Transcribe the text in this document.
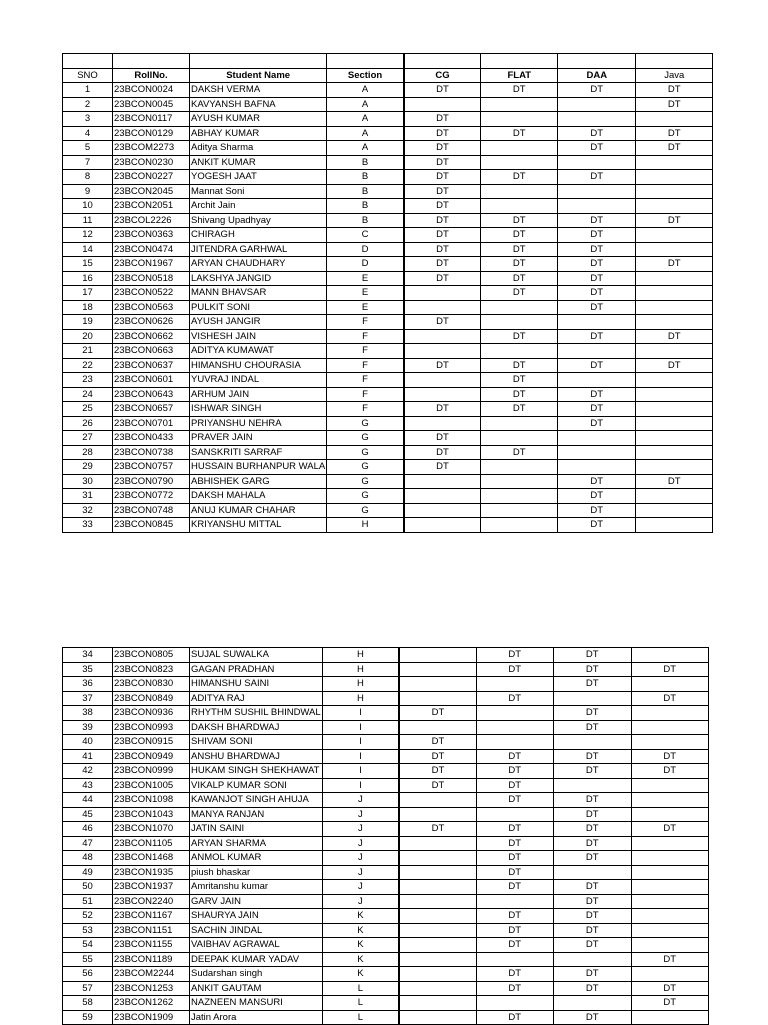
SNO	RollNo.	Student Name	Section	CG	FLAT	DAA	Java
1	23BCON0024	DAKSH VERMA	A	DT	DT	DT	DT
2	23BCON0045	KAVYANSH BAFNA	A				DT
3	23BCON0117	AYUSH KUMAR	A	DT			
4	23BCON0129	ABHAY KUMAR	A	DT	DT	DT	DT
5	23BCOM2273	Aditya Sharma	A	DT		DT	DT
7	23BCON0230	ANKIT KUMAR	B	DT			
8	23BCON0227	YOGESH JAAT	B	DT	DT	DT	
9	23BCON2045	Mannat Soni	B	DT			
10	23BCON2051	Archit Jain	B	DT			
11	23BCOL2226	Shivang Upadhyay	B	DT	DT	DT	DT
12	23BCON0363	CHIRAGH	C	DT	DT	DT	
14	23BCON0474	JITENDRA GARHWAL	D	DT	DT	DT	
15	23BCON1967	ARYAN CHAUDHARY	D	DT	DT	DT	DT
16	23BCON0518	LAKSHYA JANGID	E	DT	DT	DT	
17	23BCON0522	MANN BHAVSAR	E		DT	DT	
18	23BCON0563	PULKIT SONI	E			DT	
19	23BCON0626	AYUSH JANGIR	F	DT			
20	23BCON0662	VISHESH JAIN	F		DT	DT	DT
21	23BCON0663	ADITYA KUMAWAT	F				
22	23BCON0637	HIMANSHU CHOURASIA	F	DT	DT	DT	DT
23	23BCON0601	YUVRAJ INDAL	F		DT		
24	23BCON0643	ARHUM JAIN	F		DT	DT	
25	23BCON0657	ISHWAR SINGH	F	DT	DT	DT	
26	23BCON0701	PRIYANSHU NEHRA	G			DT	
27	23BCON0433	PRAVER JAIN	G	DT			
28	23BCON0738	SANSKRITI SARRAF	G	DT	DT		
29	23BCON0757	HUSSAIN BURHANPUR WALA	G	DT			
30	23BCON0790	ABHISHEK GARG	G			DT	DT
31	23BCON0772	DAKSH MAHALA	G			DT	
32	23BCON0748	ANUJ KUMAR CHAHAR	G			DT	
33	23BCON0845	KRIYANSHU MITTAL	H			DT	
34	23BCON0805	SUJAL SUWALKA	H		DT	DT	
35	23BCON0823	GAGAN PRADHAN	H		DT	DT	DT
36	23BCON0830	HIMANSHU SAINI	H			DT	
37	23BCON0849	ADITYA RAJ	H		DT		DT
38	23BCON0936	RHYTHM SUSHIL BHINDWAL	I	DT		DT	
39	23BCON0993	DAKSH BHARDWAJ	I			DT	
40	23BCON0915	SHIVAM SONI	I	DT			
41	23BCON0949	ANSHU BHARDWAJ	I	DT	DT	DT	DT
42	23BCON0999	HUKAM SINGH SHEKHAWAT	I	DT	DT	DT	DT
43	23BCON1005	VIKALP KUMAR SONI	I	DT	DT		
44	23BCON1098	KAWANJOT SINGH AHUJA	J		DT	DT	
45	23BCON1043	MANYA RANJAN	J			DT	
46	23BCON1070	JATIN SAINI	J	DT	DT	DT	DT
47	23BCON1105	ARYAN SHARMA	J		DT	DT	
48	23BCON1468	ANMOL KUMAR	J		DT	DT	
49	23BCON1935	piush bhaskar	J		DT		
50	23BCON1937	Amritanshu kumar	J		DT	DT	
51	23BCON2240	GARV JAIN	J			DT	
52	23BCON1167	SHAURYA JAIN	K		DT	DT	
53	23BCON1151	SACHIN JINDAL	K		DT	DT	
54	23BCON1155	VAIBHAV AGRAWAL	K		DT	DT	
55	23BCON1189	DEEPAK KUMAR YADAV	K				DT
56	23BCOM2244	Sudarshan singh	K		DT	DT	
57	23BCON1253	ANKIT GAUTAM	L		DT	DT	DT
58	23BCON1262	NAZNEEN MANSURI	L				DT
59	23BCON1909	Jatin Arora	L		DT	DT	
